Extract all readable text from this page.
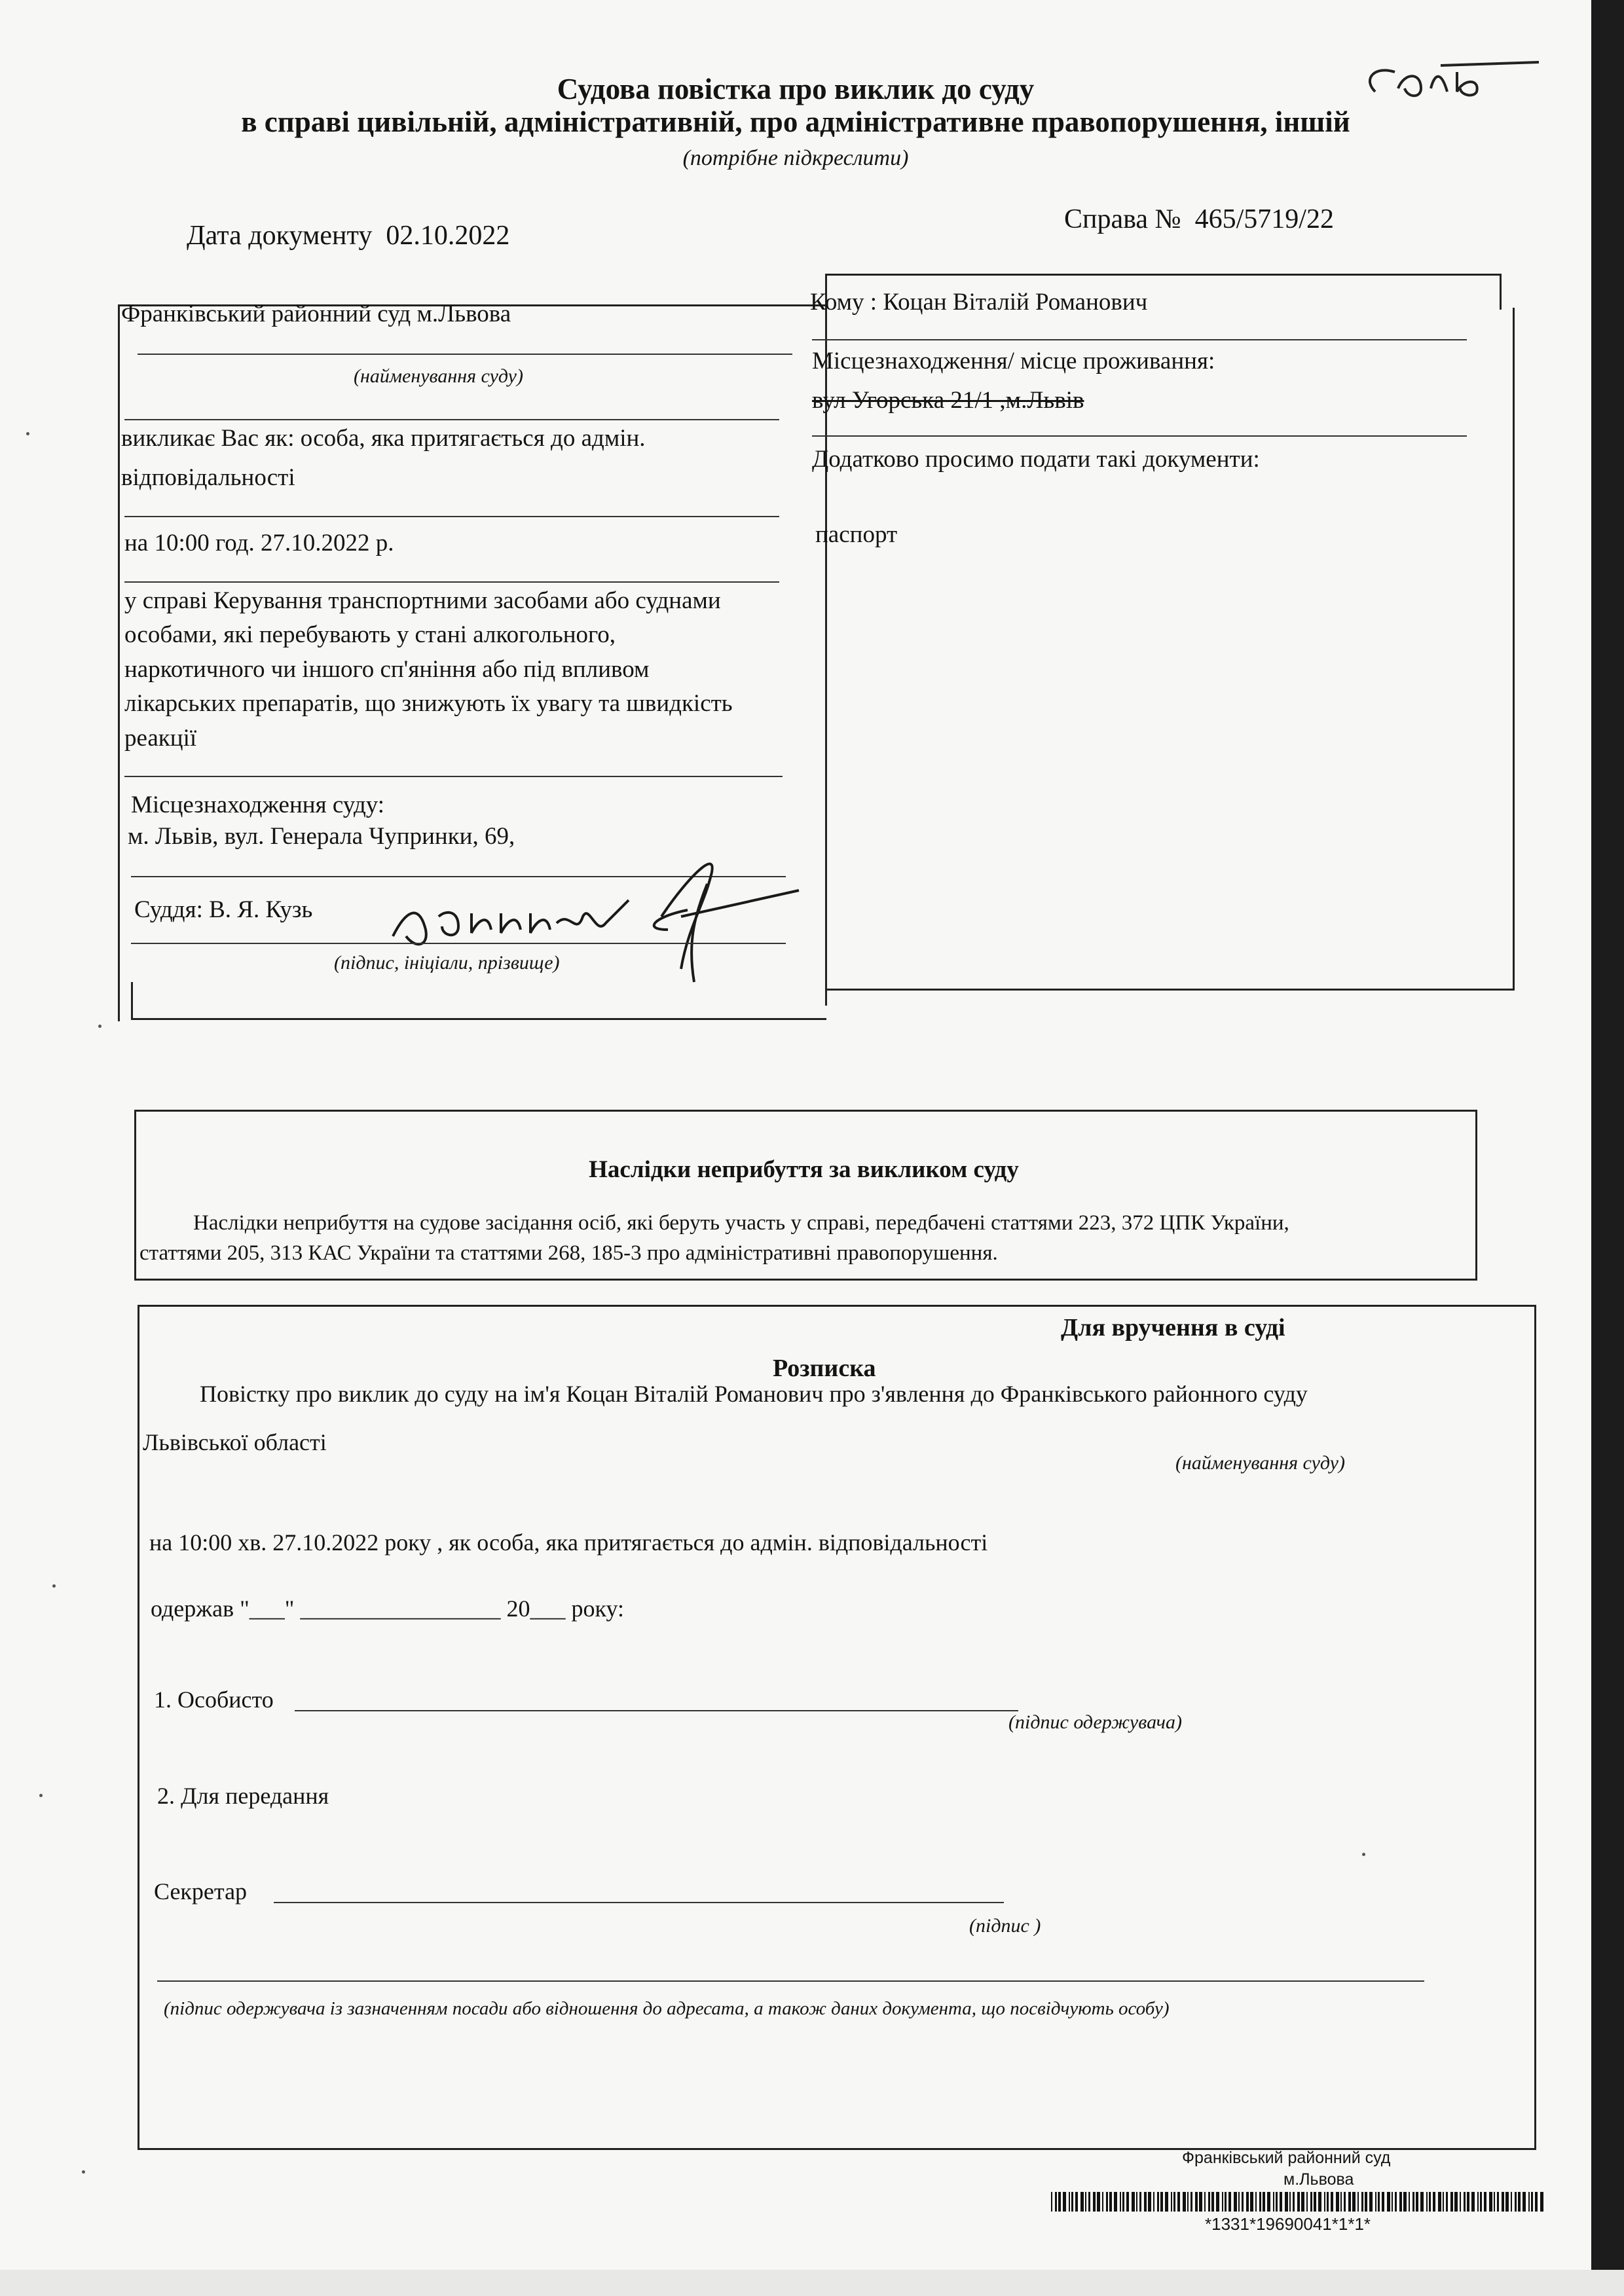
Судова повістка про виклик до суду
в справі цивільній, адміністративній, про адміністративне правопорушення, іншій
(потрібне підкреслити)
Дата документу 02.10.2022
Справа № 465/5719/22
Франківський районний суд м.Львова
(найменування суду)
викликає Вас як: особа, яка притягається до адмін.
відповідальності
на 10:00 год. 27.10.2022 р.
у справі Керування транспортними засобами або суднами
особами, які перебувають у стані алкогольного,
наркотичного чи іншого сп'яніння або під впливом
лікарських препаратів, що знижують їх увагу та швидкість
реакції
Місцезнаходження суду:
м. Львів, вул. Генерала Чупринки, 69,
Суддя: В. Я. Кузь
(підпис, ініціали, прізвище)
Кому : Коцан Віталій Романович
Місцезнаходження/ місце проживання:
вул Угорська 21/1 ,м.Львів
Додатково просимо подати такі документи:
паспорт
Наслідки неприбуття за викликом суду
Наслідки неприбуття на судове засідання осіб, які беруть участь у справі, передбачені статтями 223, 372 ЦПК України,
статтями 205, 313 КАС України та статтями 268, 185-3 про адміністративні правопорушення.
Для вручення в суді
Розписка
Повістку про виклик до суду на ім'я Коцан Віталій Романович про з'явлення до Франківського районного суду
Львівської області
(найменування суду)
на 10:00 хв. 27.10.2022 року , як особа, яка притягається до адмін. відповідальності
одержав "___" _________________ 20___ року:
1. Особисто
(підпис одержувача)
2. Для передання
Секретар
(підпис )
(підпис одержувача із зазначенням посади або відношення до адресата, а також даних документа, що посвідчують особу)
Франківський районний суд
м.Львова
*1331*19690041*1*1*
